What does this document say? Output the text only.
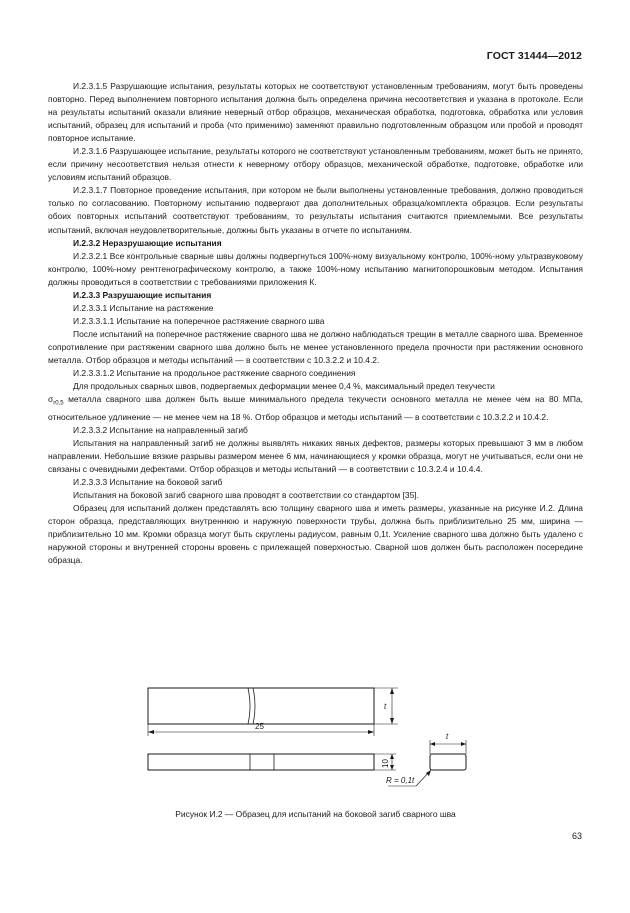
ГОСТ 31444—2012

И.2.3.1.5 Разрушающие испытания, результаты которых не соответствуют установленным требованиям, могут быть проведены повторно. Перед выполнением повторного испытания должна быть определена причина несоответствия и указана в протоколе. Если на результаты испытаний оказали влияние неверный отбор образцов, механическая обработка, подготовка, обработка или условия испытаний, образец для испытаний и проба (что применимо) заменяют правильно подготовленным образцом или пробой и проводят повторное испытание.

И.2.3.1.6 Разрушающее испытание, результаты которого не соответствуют установленным требованиям, может быть не принято, если причину несоответствия нельзя отнести к неверному отбору образцов, механической обработке, подготовке, обработке или условиям испытаний образцов.

И.2.3.1.7 Повторное проведение испытания, при котором не были выполнены установленные требования, должно проводиться только по согласованию. Повторному испытанию подвергают два дополнительных образца/комплекта образцов. Если результаты обоих повторных испытаний соответствуют требованиям, то результаты испытания считаются приемлемыми. Все результаты испытаний, включая неудовлетворительные, должны быть указаны в отчете по испытаниям.

И.2.3.2 Неразрушающие испытания

И.2.3.2.1 Все контрольные сварные швы должны подвергнуться 100%-ному визуальному контролю, 100%-ному ультразвуковому контролю, 100%-ному рентгенографическому контролю, а также 100%-ному испытанию магнитопорошковым методом. Испытания должны проводиться в соответствии с требованиями приложения К.

И.2.3.3 Разрушающие испытания

И.2.3.3.1 Испытание на растяжение

И.2.3.3.1.1 Испытание на поперечное растяжение сварного шва

После испытаний на поперечное растяжение сварного шва не должно наблюдаться трещин в металле сварного шва. Временное сопротивление при растяжении сварного шва должно быть не менее установленного предела прочности при растяжении основного металла. Отбор образцов и методы испытаний — в соответствии с 10.3.2.2 и 10.4.2.

И.2.3.3.1.2 Испытание на продольное растяжение сварного соединения

Для продольных сварных швов, подвергаемых деформации менее 0,4 %, максимальный предел текучести

$\sigma_{r0,5}$ металла сварного шва должен быть выше минимального предела текучести основного металла не менее чем на 80 МПа, относительное удлинение — не менее чем на 18 %. Отбор образцов и методы испытаний — в соответствии с 10.3.2.2 и 10.4.2.

И.2.3.3.2 Испытание на направленный загиб

Испытания на направленный загиб не должны выявлять никаких явных дефектов, размеры которых превышают 3 мм в любом направлении. Небольшие вязкие разрывы размером менее 6 мм, начинающиеся у кромки образца, могут не учитываться, если они не связаны с очевидными дефектами. Отбор образцов и методы испытаний — в соответствии с 10.3.2.4 и 10.4.4.

И.2.3.3.3 Испытание на боковой загиб

Испытания на боковой загиб сварного шва проводят в соответствии со стандартом [35].

Образец для испытаний должен представлять всю толщину сварного шва и иметь размеры, указанные на рисунке И.2. Длина сторон образца, представляющих внутреннюю и наружную поверхности трубы, должна быть приблизительно 25 мм, ширина — приблизительно 10 мм. Кромки образца могут быть скруглены радиусом, равным 0,1t. Усиление сварного шва должно быть удалено с наружной стороны и внутренней стороны вровень с прилежащей поверхностью. Сварной шов должен быть расположен посередине образца.

t
25
10
t
R = 0,1t
Рисунок И.2 — Образец для испытаний на боковой загиб сварного шва
63
